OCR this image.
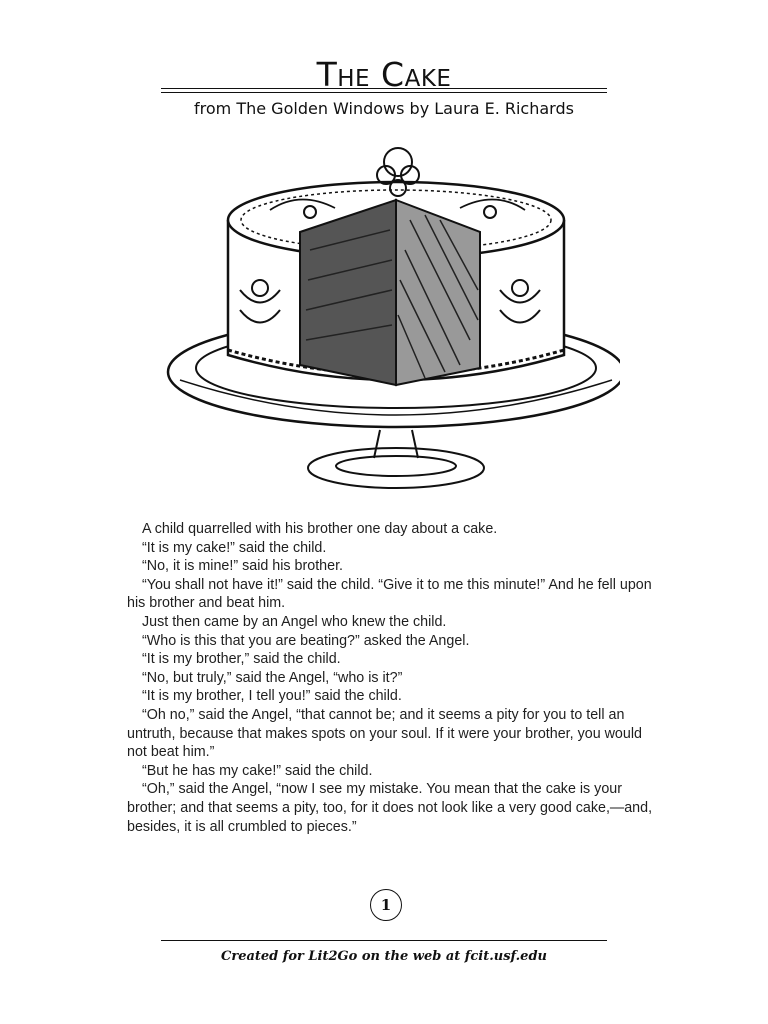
The Cake
from The Golden Windows by Laura E. Richards

A child quarrelled with his brother one day about a cake.

“It is my cake!” said the child.

“No, it is mine!” said his brother.

“You shall not have it!” said the child. “Give it to me this minute!” And he fell upon his brother and beat him.

Just then came by an Angel who knew the child.

“Who is this that you are beating?” asked the Angel.

“It is my brother,” said the child.

“No, but truly,” said the Angel, “who is it?”

“It is my brother, I tell you!” said the child.

“Oh no,” said the Angel, “that cannot be; and it seems a pity for you to tell an untruth, because that makes spots on your soul. If it were your brother, you would not beat him.”

“But he has my cake!” said the child.

“Oh,” said the Angel, “now I see my mistake. You mean that the cake is your brother; and that seems a pity, too, for it does not look like a very good cake,—and, besides, it is all crumbled to pieces.”

1
Created for Lit2Go on the web at fcit.usf.edu
